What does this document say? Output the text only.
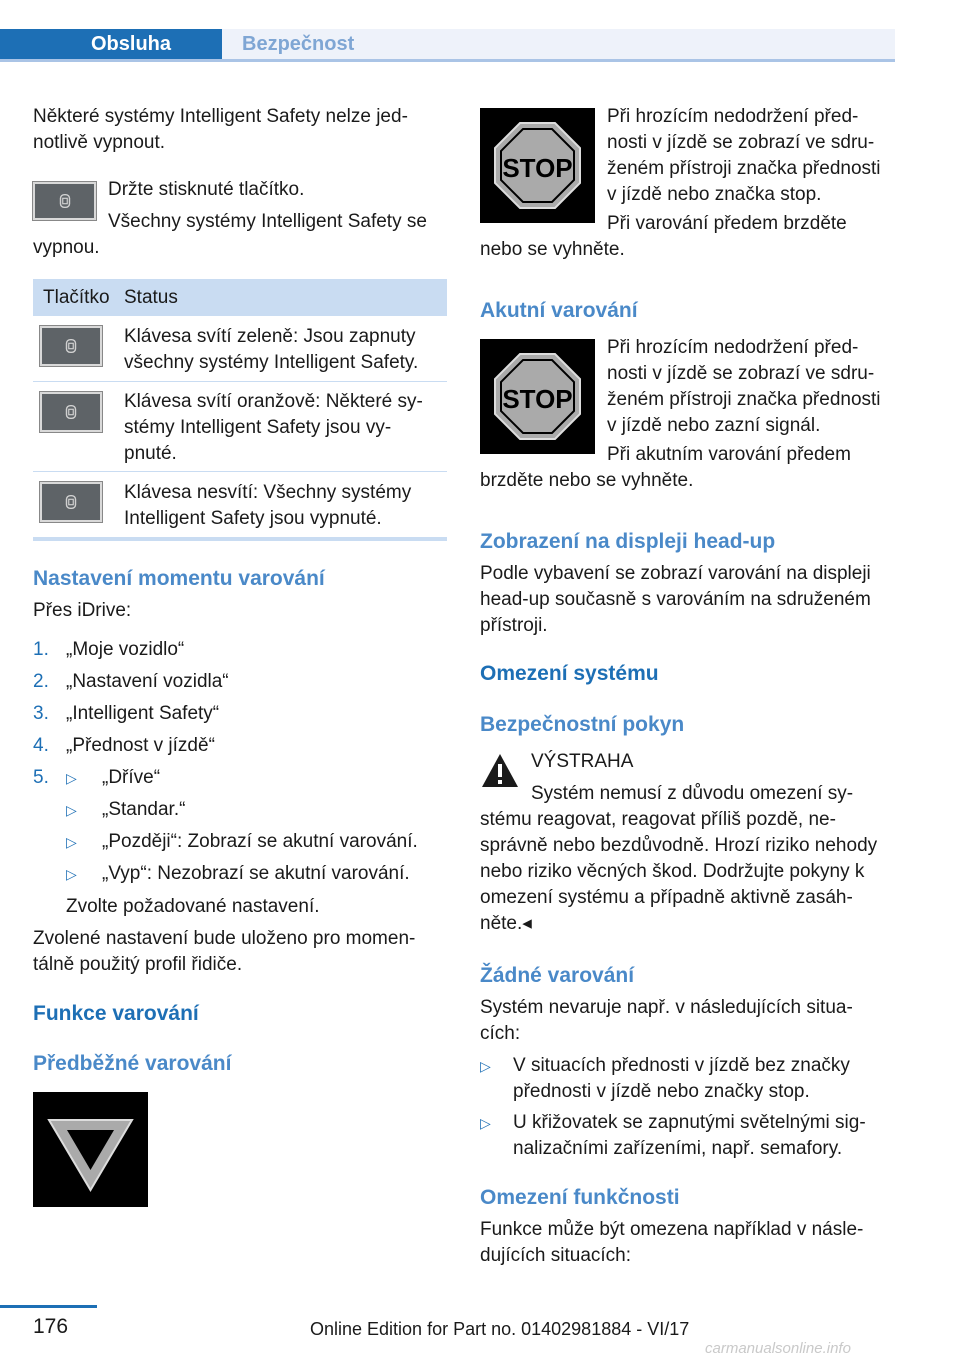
Obsluha	Bezpečnost

Některé systémy Intelligent Safety nelze jed-

notlivě vypnout.

Držte stisknuté tlačítko.

Všechny systémy Intelligent Safety se

vypnou.

Tlačítko Status

Klávesa svítí zeleně: Jsou zapnuty

všechny systémy Intelligent Safety.

Klávesa svítí oranžově: Některé sy-

stémy Intelligent Safety jsou vy-

pnuté.

Klávesa nesvítí: Všechny systémy

Intelligent Safety jsou vypnuté.

Nastavení momentu varování
Přes iDrive:
1. „Moje vozidlo“
2. „Nastavení vozidla“
3. „Intelligent Safety“
4. „Přednost v jízdě“
5. ▷ „Dříve“
▷ „Standar.“
▷ „Později“: Zobrazí se akutní varování.
▷ „Vyp“: Nezobrazí se akutní varování.
Zvolte požadované nastavení.

Zvolené nastavení bude uloženo pro momen-

tálně použitý profil řidiče.

Funkce varování
Předběžné varování
STOP

Při hrozícím nedodržení před-

nosti v jízdě se zobrazí ve sdru-

ženém přístroji značka přednosti

v jízdě nebo značka stop.

Při varování předem brzděte

nebo se vyhněte.

Akutní varování
STOP

Při hrozícím nedodržení před-

nosti v jízdě se zobrazí ve sdru-

ženém přístroji značka přednosti

v jízdě nebo zazní signál.

Při akutním varování předem

brzděte nebo se vyhněte.

Zobrazení na displeji head-up

Podle vybavení se zobrazí varování na displeji

head-up současně s varováním na sdruženém

přístroji.

Omezení systému
Bezpečnostní pokyn
VÝSTRAHA

Systém nemusí z důvodu omezení sy-

stému reagovat, reagovat příliš pozdě, ne-

správně nebo bezdůvodně. Hrozí riziko nehody

nebo riziko věcných škod. Dodržujte pokyny k

omezení systému a případně aktivně zasáh-

něte.◂

Žádné varování

Systém nevaruje např. v následujících situa-

cích:

▷ V situacích přednosti v jízdě bez značky

přednosti v jízdě nebo značky stop.

▷ U křižovatek se zapnutými světelnými sig-

nalizačními zařízeními, např. semafory.

Omezení funkčnosti

Funkce může být omezena například v násle-

dujících situacích:

176	Online Edition for Part no. 01402981884 - VI/17
carmanualsonline.info
